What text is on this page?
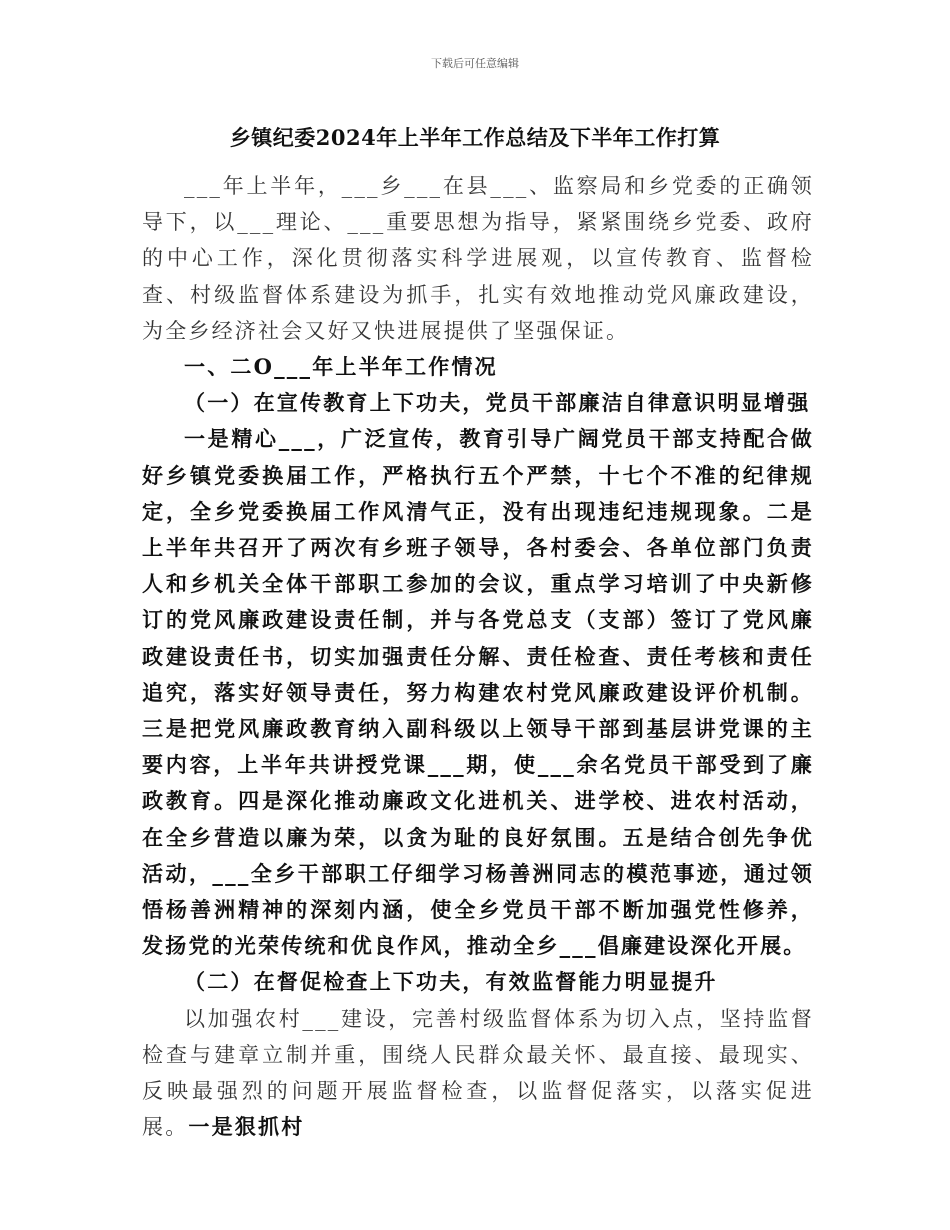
下载后可任意编辑
乡镇纪委2024年上半年工作总结及下半年工作打算

___年上半年，___乡___在县___、监察局和乡党委的正确领导下，以___理论、___重要思想为指导，紧紧围绕乡党委、政府的中心工作，深化贯彻落实科学进展观，以宣传教育、监督检查、村级监督体系建设为抓手，扎实有效地推动党风廉政建设，为全乡经济社会又好又快进展提供了坚强保证。

一、二O___年上半年工作情况

（一）在宣传教育上下功夫，党员干部廉洁自律意识明显增强

一是精心___，广泛宣传，教育引导广阔党员干部支持配合做好乡镇党委换届工作，严格执行五个严禁，十七个不准的纪律规定，全乡党委换届工作风清气正，没有出现违纪违规现象。二是上半年共召开了两次有乡班子领导，各村委会、各单位部门负责人和乡机关全体干部职工参加的会议，重点学习培训了中央新修订的党风廉政建设责任制，并与各党总支（支部）签订了党风廉政建设责任书，切实加强责任分解、责任检查、责任考核和责任追究，落实好领导责任，努力构建农村党风廉政建设评价机制。三是把党风廉政教育纳入副科级以上领导干部到基层讲党课的主要内容，上半年共讲授党课___期，使___余名党员干部受到了廉政教育。四是深化推动廉政文化进机关、进学校、进农村活动，在全乡营造以廉为荣，以贪为耻的良好氛围。五是结合创先争优活动，___全乡干部职工仔细学习杨善洲同志的模范事迹，通过领悟杨善洲精神的深刻内涵，使全乡党员干部不断加强党性修养，发扬党的光荣传统和优良作风，推动全乡___倡廉建设深化开展。

（二）在督促检查上下功夫，有效监督能力明显提升

以加强农村___建设，完善村级监督体系为切入点，坚持监督检查与建章立制并重，围绕人民群众最关怀、最直接、最现实、反映最强烈的问题开展监督检查，以监督促落实，以落实促进展。一是狠抓村
